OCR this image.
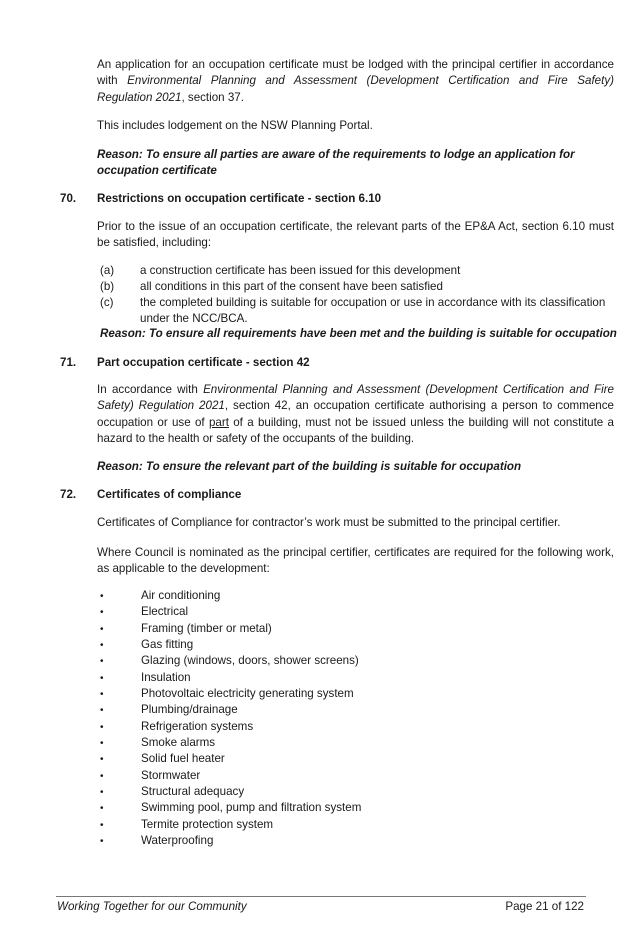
An application for an occupation certificate must be lodged with the principal certifier in accordance with Environmental Planning and Assessment (Development Certification and Fire Safety) Regulation 2021, section 37.

This includes lodgement on the NSW Planning Portal.

Reason: To ensure all parties are aware of the requirements to lodge an application for occupation certificate

70. Restrictions on occupation certificate - section 6.10

Prior to the issue of an occupation certificate, the relevant parts of the EP&A Act, section 6.10 must be satisfied, including:

(a) a construction certificate has been issued for this development
(b) all conditions in this part of the consent have been satisfied
(c) the completed building is suitable for occupation or use in accordance with its classification under the NCC/BCA.
Reason: To ensure all requirements have been met and the building is suitable for occupation
71. Part occupation certificate - section 42

In accordance with Environmental Planning and Assessment (Development Certification and Fire Safety) Regulation 2021, section 42, an occupation certificate authorising a person to commence occupation or use of part of a building, must not be issued unless the building will not constitute a hazard to the health or safety of the occupants of the building.

Reason: To ensure the relevant part of the building is suitable for occupation

72. Certificates of compliance

Certificates of Compliance for contractor’s work must be submitted to the principal certifier.

Where Council is nominated as the principal certifier, certificates are required for the following work, as applicable to the development:

•	Air conditioning
•	Electrical
•	Framing (timber or metal)
•	Gas fitting
•	Glazing (windows, doors, shower screens)
•	Insulation
•	Photovoltaic electricity generating system
•	Plumbing/drainage
•	Refrigeration systems
•	Smoke alarms
•	Solid fuel heater
•	Stormwater
•	Structural adequacy
•	Swimming pool, pump and filtration system
•	Termite protection system
•	Waterproofing
Working Together for our Community	Page 21 of 122
